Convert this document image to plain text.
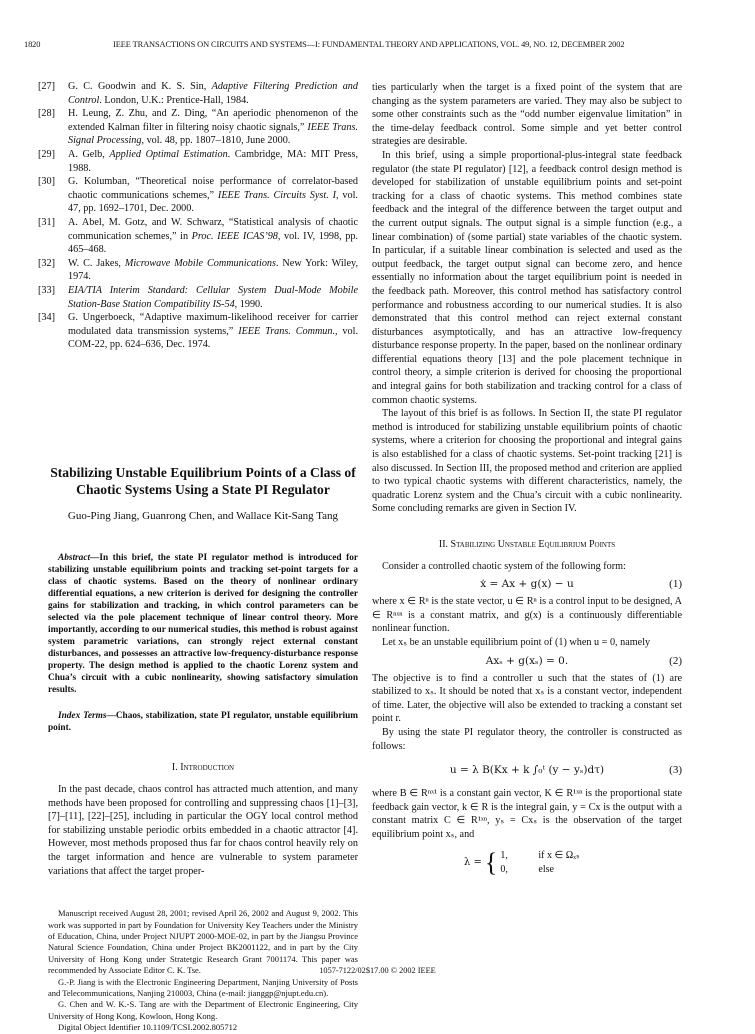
1820	IEEE TRANSACTIONS ON CIRCUITS AND SYSTEMS—I: FUNDAMENTAL THEORY AND APPLICATIONS, VOL. 49, NO. 12, DECEMBER 2002

[27] G. C. Goodwin and K. S. Sin, Adaptive Filtering Prediction and Control. London, U.K.: Prentice-Hall, 1984.

[28] H. Leung, Z. Zhu, and Z. Ding, “An aperiodic phenomenon of the extended Kalman filter in filtering noisy chaotic signals,” IEEE Trans. Signal Processing, vol. 48, pp. 1807–1810, June 2000.

[29] A. Gelb, Applied Optimal Estimation. Cambridge, MA: MIT Press, 1988.

[30] G. Kolumban, “Theoretical noise performance of correlator-based chaotic communications schemes,” IEEE Trans. Circuits Syst. I, vol. 47, pp. 1692–1701, Dec. 2000.

[31] A. Abel, M. Gotz, and W. Schwarz, “Statistical analysis of chaotic communication schemes,” in Proc. IEEE ICAS’98, vol. IV, 1998, pp. 465–468.

[32] W. C. Jakes, Microwave Mobile Communications. New York: Wiley, 1974.

[33] EIA/TIA Interim Standard: Cellular System Dual-Mode Mobile Station-Base Station Compatibility IS-54, 1990.

[34] G. Ungerboeck, “Adaptive maximum-likelihood receiver for carrier modulated data transmission systems,” IEEE Trans. Commun., vol. COM-22, pp. 624–636, Dec. 1974.

Stabilizing Unstable Equilibrium Points of a Class of Chaotic Systems Using a State PI Regulator
Guo-Ping Jiang, Guanrong Chen, and Wallace Kit-Sang Tang
Abstract—In this brief, the state PI regulator method is introduced for stabilizing unstable equilibrium points and tracking set-point targets for a class of chaotic systems. Based on the theory of nonlinear ordinary differential equations, a new criterion is derived for designing the controller gains for stabilization and tracking, in which control parameters can be selected via the pole placement technique of linear control theory. More importantly, according to our numerical studies, this method is robust against system parametric variations, can strongly reject external constant disturbances, and possesses an attractive low-frequency-disturbance response property. The design method is applied to the chaotic Lorenz system and Chua’s circuit with a cubic nonlinearity, showing satisfactory simulation results.
Index Terms—Chaos, stabilization, state PI regulator, unstable equilibrium point.
I. Introduction

In the past decade, chaos control has attracted much attention, and many methods have been proposed for controlling and suppressing chaos [1]–[3], [7]–[11], [22]–[25], including in particular the OGY local control method for stabilizing unstable periodic orbits embedded in a chaotic attractor [4]. However, most methods proposed thus far for chaos control heavily rely on the target information and hence are vulnerable to system parameter variations that affect the target proper-

Manuscript received August 28, 2001; revised April 26, 2002 and August 9, 2002. This work was supported in part by Foundation for University Key Teachers under the Ministry of Education, China, under Project NJUPT 2000-MOE-02, in part by the Jiangsu Province Natural Science Foundation, China under Project BK2001122, and in part by the City University of Hong Kong under Stratetgic Research Grant 7001174. This paper was recommended by Associate Editor C. K. Tse.

G.-P. Jiang is with the Electronic Engineering Department, Nanjing University of Posts and Telecommunications, Nanjing 210003, China (e-mail: jianggp@njupt.edu.cn).

G. Chen and W. K.-S. Tang are with the Department of Electronic Engineering, City University of Hong Kong, Kowloon, Hong Kong.

Digital Object Identifier 10.1109/TCSI.2002.805712

ties particularly when the target is a fixed point of the system that are changing as the system parameters are varied. They may also be subject to some other constraints such as the “odd number eigenvalue limitation” in the time-delay feedback control. Some simple and yet better control strategies are desirable.

In this brief, using a simple proportional-plus-integral state feedback regulator (the state PI regulator) [12], a feedback control design method is developed for stabilization of unstable equilibrium points and set-point tracking for a class of chaotic systems. This method combines state feedback and the integral of the difference between the target output and the current output signals. The output signal is a simple function (e.g., a linear combination) of (some partial) state variables of the chaotic system. In particular, if a suitable linear combination is selected and used as the output feedback, the target output signal can become zero, and hence essentially no information about the target equilibrium point is needed in the feedback path. Moreover, this control method has satisfactory control performance and robustness according to our numerical studies. It is also demonstrated that this control method can reject external constant disturbances asymptotically, and has an attractive low-frequency disturbance response property. In the paper, based on the nonlinear ordinary differential equations theory [13] and the pole placement technique in control theory, a simple criterion is derived for choosing the proportional and integral gains for both stabilization and tracking control for a class of common chaotic systems.

The layout of this brief is as follows. In Section II, the state PI regulator method is introduced for stabilizing unstable equilibrium points of chaotic systems, where a criterion for choosing the proportional and integral gains is also established for a class of chaotic systems. Set-point tracking [21] is also discussed. In Section III, the proposed method and criterion are applied to two typical chaotic systems with different characteristics, namely, the quadratic Lorenz system and the Chua’s circuit with a cubic nonlinearity. Some concluding remarks are given in Section IV.

II. Stabilizing Unstable Equilibrium Points

Consider a controlled chaotic system of the following form:

ẋ = Ax + g(x) − u	(1)

where x ∈ Rⁿ is the state vector, u ∈ Rⁿ is a control input to be designed, A ∈ Rⁿˣⁿ is a constant matrix, and g(x) is a continuously differentiable nonlinear function.

Let xₛ be an unstable equilibrium point of (1) when u = 0, namely

Axₛ + g(xₛ) = 0.	(2)

The objective is to find a controller u such that the states of (1) are stabilized to xₛ. It should be noted that xₛ is a constant vector, independent of time. Later, the objective will also be extended to tracking a constant set point r.

By using the state PI regulator theory, the controller is constructed as follows:

u = λ B(Kx + k ∫₀ᵗ (y − yₛ)dτ)	(3)

where B ∈ Rⁿˣ¹ is a constant gain vector, K ∈ R¹ˣⁿ is the proportional state feedback gain vector, k ∈ R is the integral gain, y = Cx is the output with a constant matrix C ∈ R¹ˣⁿ, yₛ = Cxₛ is the observation of the target equilibrium point xₛ, and

λ = { 1,	if x ∈ Ωₓₛ
0,	else
1057-7122/02$17.00 © 2002 IEEE
